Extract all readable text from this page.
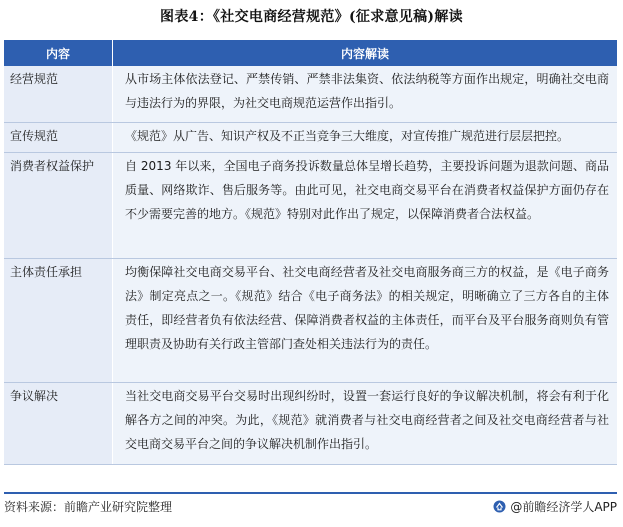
图表4：《社交电商经营规范》(征求意见稿)解读
内容	内容解读
经营规范	从市场主体依法登记、严禁传销、严禁非法集资、依法纳税等方面作出规定，明确社交电商与违法行为的界限，为社交电商规范运营作出指引。
宣传规范	《规范》从广告、知识产权及不正当竞争三大维度，对宣传推广规范进行层层把控。
消费者权益保护	自 2013 年以来，全国电子商务投诉数量总体呈增长趋势，主要投诉问题为退款问题、商品质量、网络欺诈、售后服务等。由此可见，社交电商交易平台在消费者权益保护方面仍存在不少需要完善的地方。《规范》特别对此作出了规定，以保障消费者合法权益。
主体责任承担	均衡保障社交电商交易平台、社交电商经营者及社交电商服务商三方的权益，是《电子商务法》制定亮点之一。《规范》结合《电子商务法》的相关规定，明晰确立了三方各自的主体责任，即经营者负有依法经营、保障消费者权益的主体责任，而平台及平台服务商则负有管理职责及协助有关行政主管部门查处相关违法行为的责任。
争议解决	当社交电商交易平台交易时出现纠纷时，设置一套运行良好的争议解决机制，将会有利于化解各方之间的冲突。为此，《规范》就消费者与社交电商经营者之间及社交电商经营者与社交电商交易平台之间的争议解决机制作出指引。
资料来源：前瞻产业研究院整理	@前瞻经济学人APP
